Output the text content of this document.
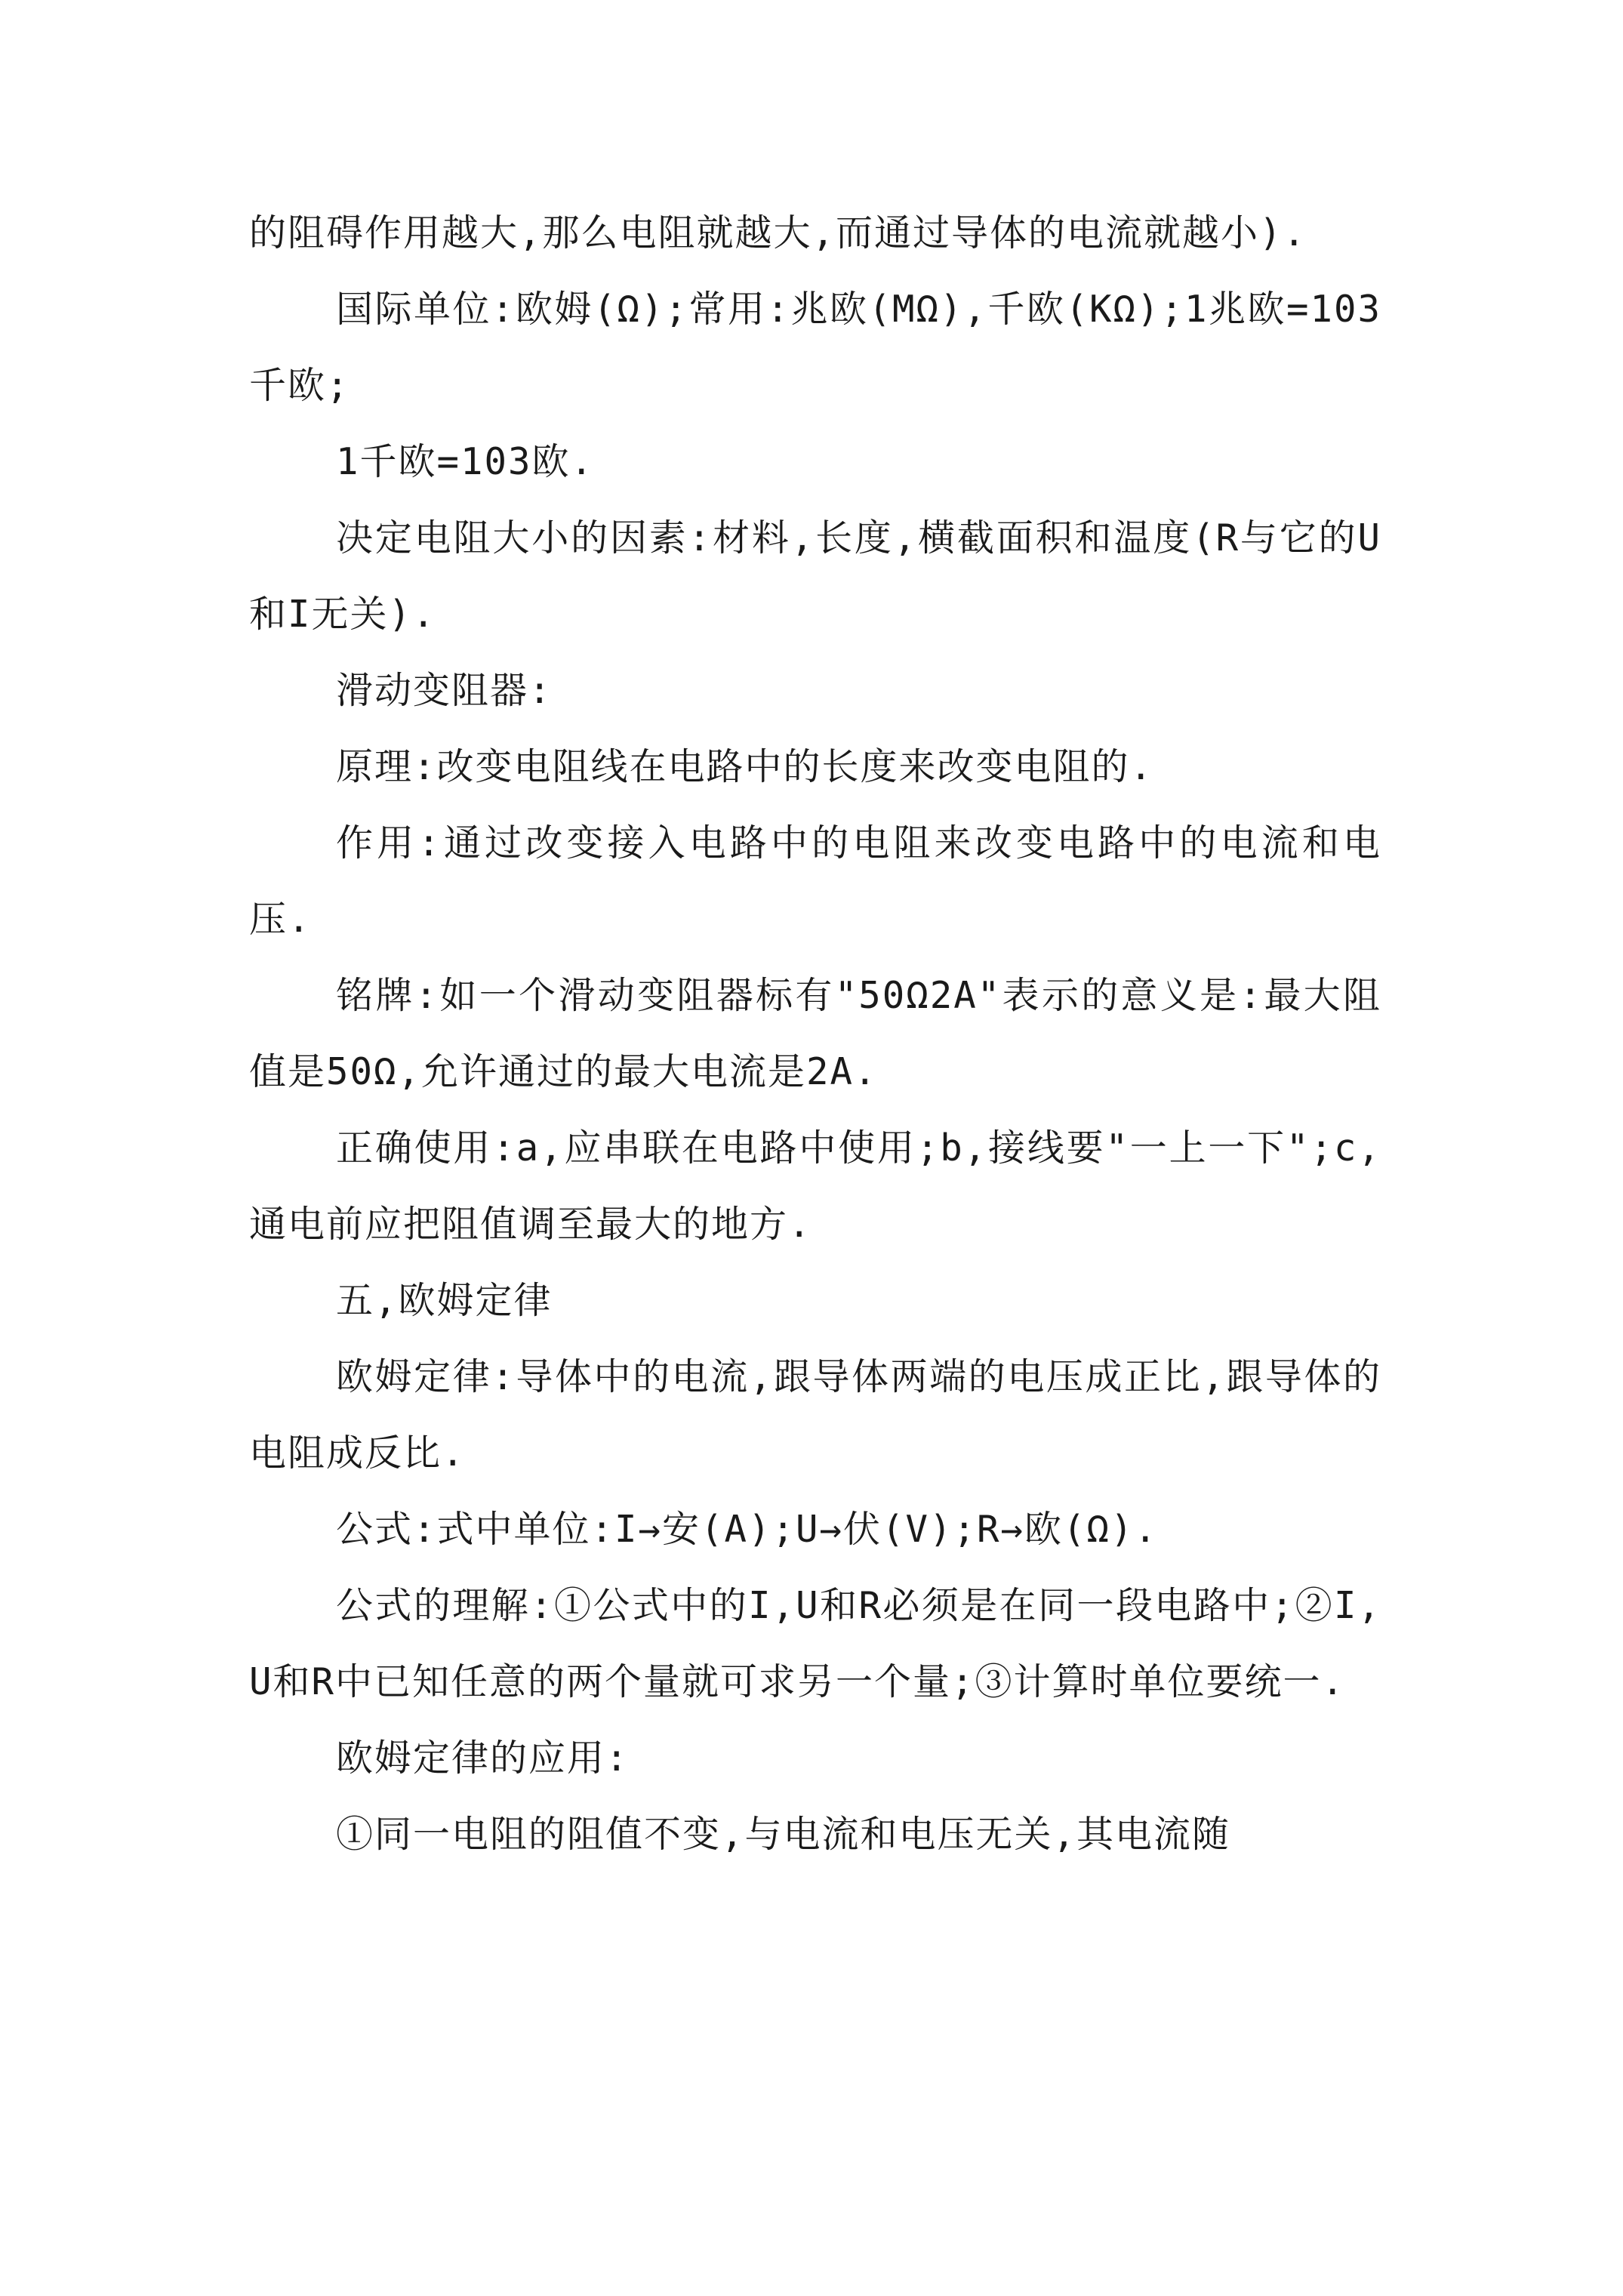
的阻碍作用越大,那么电阻就越大,而通过导体的电流就越小).

国际单位:欧姆(Ω);常用:兆欧(MΩ),千欧(KΩ);1兆欧=103千欧;

1千欧=103欧.

决定电阻大小的因素:材料,长度,横截面积和温度(R与它的U和I无关).

滑动变阻器:

原理:改变电阻线在电路中的长度来改变电阻的.

作用:通过改变接入电路中的电阻来改变电路中的电流和电压.

铭牌:如一个滑动变阻器标有"50Ω2A"表示的意义是:最大阻值是50Ω,允许通过的最大电流是2A.

正确使用:a,应串联在电路中使用;b,接线要"一上一下";c,通电前应把阻值调至最大的地方.

五,欧姆定律

欧姆定律:导体中的电流,跟导体两端的电压成正比,跟导体的电阻成反比.

公式:式中单位:I→安(A);U→伏(V);R→欧(Ω).

公式的理解:①公式中的I,U和R必须是在同一段电路中;②I,U和R中已知任意的两个量就可求另一个量;③计算时单位要统一.

欧姆定律的应用:

①同一电阻的阻值不变,与电流和电压无关,其电流随
